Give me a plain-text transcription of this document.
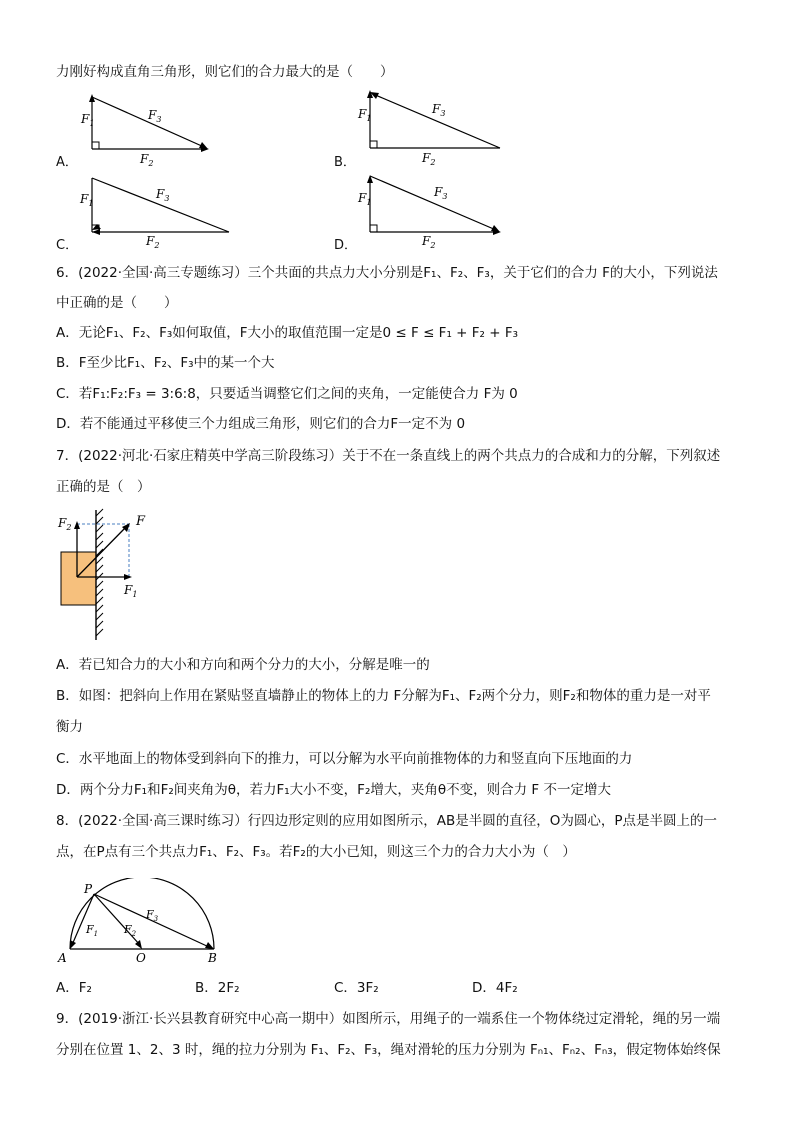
力刚好构成直角三角形，则它们的合力最大的是（　　）
A．
$F_1$
$F_3$
$F_2$	B．
$F_1$
$F_3$
$F_2$
C．
$F_1$
$F_3$
$F_2$	D．
$F_1$
$F_3$
$F_2$
6．(2022·全国·高三专题练习）三个共面的共点力大小分别是F₁、F₂、F₃，关于它们的合力 F的大小，下列说法
中正确的是（　　）
A．无论F₁、F₂、F₃如何取值，F大小的取值范围一定是0 ≤ F ≤ F₁ + F₂ + F₃
B．F至少比F₁、F₂、F₃中的某一个大
C．若F₁:F₂:F₃ = 3:6:8，只要适当调整它们之间的夹角，一定能使合力 F为 0
D．若不能通过平移使三个力组成三角形，则它们的合力F一定不为 0
7．(2022·河北·石家庄精英中学高三阶段练习）关于不在一条直线上的两个共点力的合成和力的分解，下列叙述
正确的是（　）
$F_2$	F
$F_1$
A．若已知合力的大小和方向和两个分力的大小，分解是唯一的
B．如图：把斜向上作用在紧贴竖直墙静止的物体上的力 F分解为F₁、F₂两个分力，则F₂和物体的重力是一对平
衡力
C．水平地面上的物体受到斜向下的推力，可以分解为水平向前推物体的力和竖直向下压地面的力
D．两个分力F₁和F₂间夹角为θ，若力F₁大小不变，F₂增大，夹角θ不变，则合力 F 不一定增大
8．(2022·全国·高三课时练习）行四边形定则的应用如图所示，AB是半圆的直径，O为圆心，P点是半圆上的一
点，在P点有三个共点力F₁、F₂、F₃。若F₂的大小已知，则这三个力的合力大小为（　）
P
A	O	B
$F_1$ $F_2$
$F_3$
A．F₂	B．2F₂	C．3F₂	D．4F₂
9．(2019·浙江·长兴县教育研究中心高一期中）如图所示，用绳子的一端系住一个物体绕过定滑轮，绳的另一端
分别在位置 1、2、3 时，绳的拉力分别为 F₁、F₂、F₃，绳对滑轮的压力分别为 Fₙ₁、Fₙ₂、Fₙ₃，假定物体始终保
